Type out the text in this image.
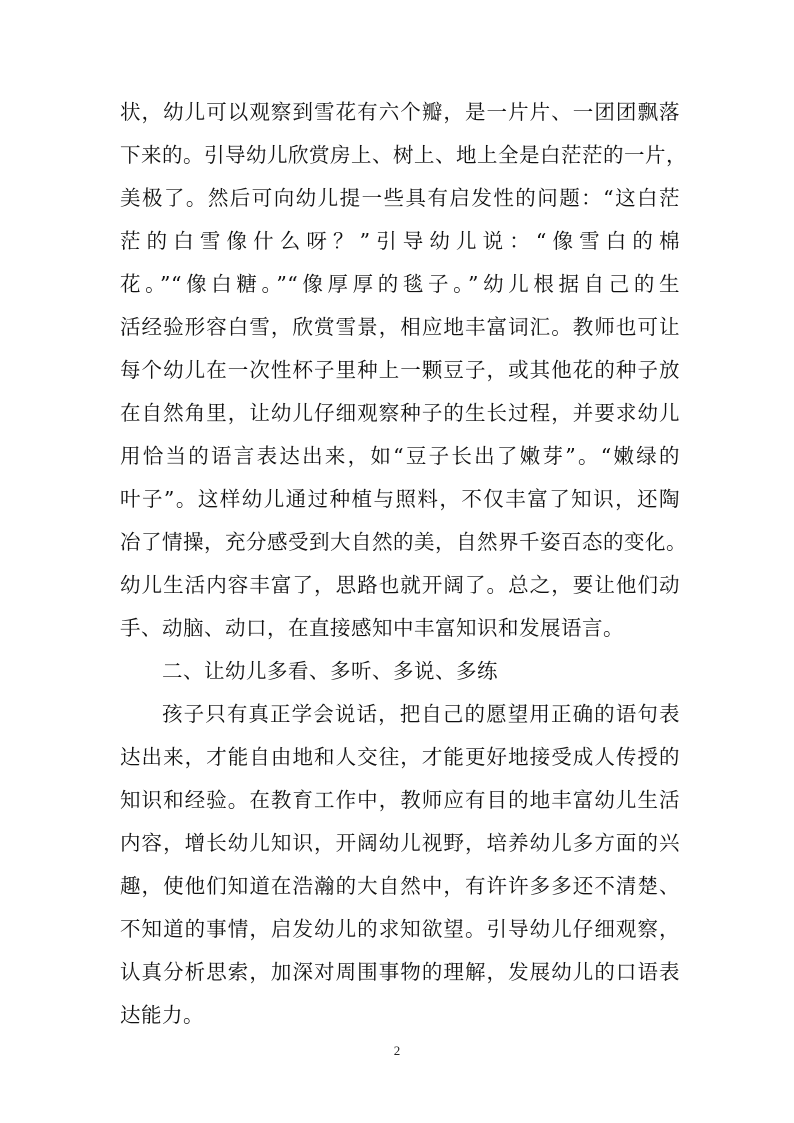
状，幼儿可以观察到雪花有六个瓣，是一片片、一团团飘落
下来的。引导幼儿欣赏房上、树上、地上全是白茫茫的一片，
美极了。然后可向幼儿提一些具有启发性的问题：“这白茫
茫的白雪像什么呀？”引导幼儿说：“像雪白的棉
花。”“像白糖。”“像厚厚的毯子。”幼儿根据自己的生
活经验形容白雪，欣赏雪景，相应地丰富词汇。教师也可让
每个幼儿在一次性杯子里种上一颗豆子，或其他花的种子放
在自然角里，让幼儿仔细观察种子的生长过程，并要求幼儿
用恰当的语言表达出来，如“豆子长出了嫩芽”。“嫩绿的
叶子”。这样幼儿通过种植与照料，不仅丰富了知识，还陶
冶了情操，充分感受到大自然的美，自然界千姿百态的变化。
幼儿生活内容丰富了，思路也就开阔了。总之，要让他们动
手、动脑、动口，在直接感知中丰富知识和发展语言。
二、让幼儿多看、多听、多说、多练
孩子只有真正学会说话，把自己的愿望用正确的语句表
达出来，才能自由地和人交往，才能更好地接受成人传授的
知识和经验。在教育工作中，教师应有目的地丰富幼儿生活
内容，增长幼儿知识，开阔幼儿视野，培养幼儿多方面的兴
趣，使他们知道在浩瀚的大自然中，有许许多多还不清楚、
不知道的事情，启发幼儿的求知欲望。引导幼儿仔细观察，
认真分析思索，加深对周围事物的理解，发展幼儿的口语表
达能力。
2
